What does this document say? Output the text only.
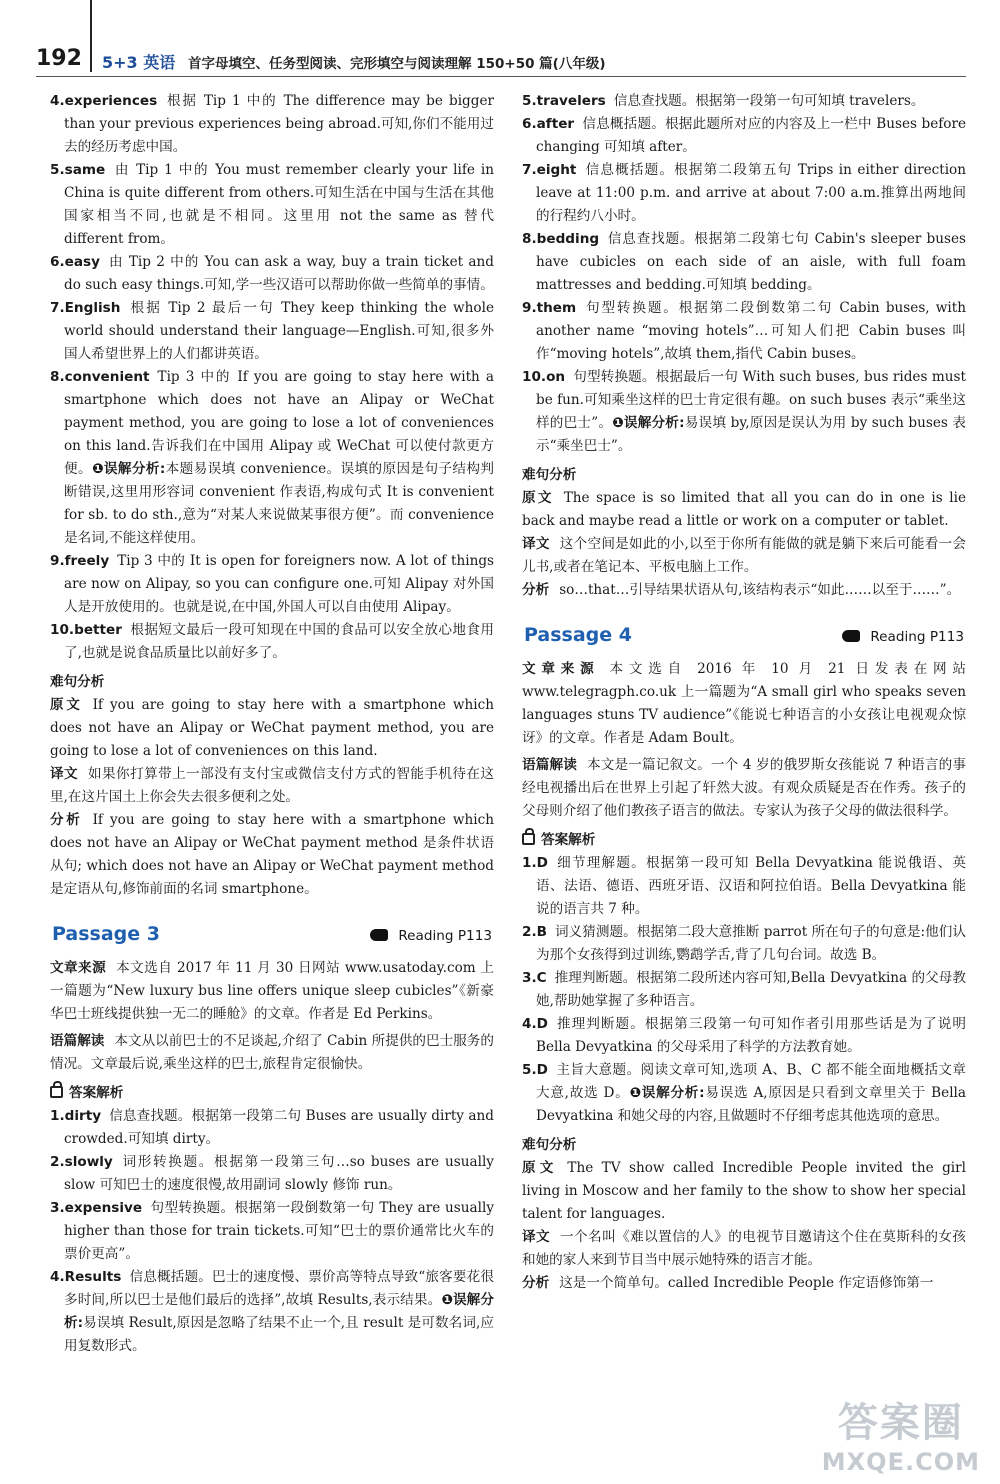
192 5+3 英语 首字母填空、任务型阅读、完形填空与阅读理解 150+50 篇(八年级)

4.experiences 根据 Tip 1 中的 The difference may be bigger than your previous experiences being abroad.可知,你们不能用过去的经历考虑中国。

5.same 由 Tip 1 中的 You must remember clearly your life in China is quite different from others.可知生活在中国与生活在其他国家相当不同,也就是不相同。这里用 not the same as 替代 different from。

6.easy 由 Tip 2 中的 You can ask a way, buy a train ticket and do such easy things.可知,学一些汉语可以帮助你做一些简单的事情。

7.English 根据 Tip 2 最后一句 They keep thinking the whole world should understand their language—English.可知,很多外国人希望世界上的人们都讲英语。

8.convenient Tip 3 中的 If you are going to stay here with a smartphone which does not have an Alipay or WeChat payment method, you are going to lose a lot of conveniences on this land.告诉我们在中国用 Alipay 或 WeChat 可以使付款更方便。❶误解分析:本题易误填 convenience。误填的原因是句子结构判断错误,这里用形容词 convenient 作表语,构成句式 It is convenient for sb. to do sth.,意为“对某人来说做某事很方便”。而 convenience 是名词,不能这样使用。

9.freely Tip 3 中的 It is open for foreigners now. A lot of things are now on Alipay, so you can configure one.可知 Alipay 对外国人是开放使用的。也就是说,在中国,外国人可以自由使用 Alipay。

10.better 根据短文最后一段可知现在中国的食品可以安全放心地食用了,也就是说食品质量比以前好多了。

难句分析

原文 If you are going to stay here with a smartphone which does not have an Alipay or WeChat payment method, you are going to lose a lot of conveniences on this land.

译文 如果你打算带上一部没有支付宝或微信支付方式的智能手机待在这里,在这片国土上你会失去很多便利之处。

分析 If you are going to stay here with a smartphone which does not have an Alipay or WeChat payment method 是条件状语从句; which does not have an Alipay or WeChat payment method 是定语从句,修饰前面的名词 smartphone。

Passage 3	Reading P113

文章来源 本文选自 2017 年 11 月 30 日网站 www.usatoday.com 上一篇题为“New luxury bus line offers unique sleep cubicles”《新豪华巴士班线提供独一无二的睡舱》的文章。作者是 Ed Perkins。

语篇解读 本文从以前巴士的不足谈起,介绍了 Cabin 所提供的巴士服务的情况。文章最后说,乘坐这样的巴士,旅程肯定很愉快。

答案解析

1.dirty 信息查找题。根据第一段第二句 Buses are usually dirty and crowded.可知填 dirty。

2.slowly 词形转换题。根据第一段第三句…so buses are usually slow 可知巴士的速度很慢,故用副词 slowly 修饰 run。

3.expensive 句型转换题。根据第一段倒数第一句 They are usually higher than those for train tickets.可知“巴士的票价通常比火车的票价更高”。

4.Results 信息概括题。巴士的速度慢、票价高等特点导致“旅客要花很多时间,所以巴士是他们最后的选择”,故填 Results,表示结果。❶误解分析:易误填 Result,原因是忽略了结果不止一个,且 result 是可数名词,应用复数形式。

5.travelers 信息查找题。根据第一段第一句可知填 travelers。

6.after 信息概括题。根据此题所对应的内容及上一栏中 Buses before changing 可知填 after。

7.eight 信息概括题。根据第二段第五句 Trips in either direction leave at 11:00 p.m. and arrive at about 7:00 a.m.推算出两地间的行程约八小时。

8.bedding 信息查找题。根据第二段第七句 Cabin's sleeper buses have cubicles on each side of an aisle, with full foam mattresses and bedding.可知填 bedding。

9.them 句型转换题。根据第二段倒数第二句 Cabin buses, with another name “moving hotels”…可知人们把 Cabin buses 叫作“moving hotels”,故填 them,指代 Cabin buses。

10.on 句型转换题。根据最后一句 With such buses, bus rides must be fun.可知乘坐这样的巴士肯定很有趣。on such buses 表示“乘坐这样的巴士”。❶误解分析:易误填 by,原因是误认为用 by such buses 表示“乘坐巴士”。

难句分析

原文 The space is so limited that all you can do in one is lie back and maybe read a little or work on a computer or tablet.

译文 这个空间是如此的小,以至于你所有能做的就是躺下来后可能看一会儿书,或者在笔记本、平板电脑上工作。

分析 so…that…引导结果状语从句,该结构表示“如此……以至于……”。

Passage 4	Reading P113

文章来源 本文选自 2016 年 10 月 21 日发表在网站 www.telegragph.co.uk 上一篇题为“A small girl who speaks seven languages stuns TV audience”《能说七种语言的小女孩让电视观众惊讶》的文章。作者是 Adam Boult。

语篇解读 本文是一篇记叙文。一个 4 岁的俄罗斯女孩能说 7 种语言的事经电视播出后在世界上引起了轩然大波。有观众质疑是否在作秀。孩子的父母则介绍了他们教孩子语言的做法。专家认为孩子父母的做法很科学。

答案解析

1.D 细节理解题。根据第一段可知 Bella Devyatkina 能说俄语、英语、法语、德语、西班牙语、汉语和阿拉伯语。Bella Devyatkina 能说的语言共 7 种。

2.B 词义猜测题。根据第二段大意推断 parrot 所在句子的句意是:他们认为那个女孩得到过训练,鹦鹉学舌,背了几句台词。故选 B。

3.C 推理判断题。根据第二段所述内容可知,Bella Devyatkina 的父母教她,帮助她掌握了多种语言。

4.D 推理判断题。根据第三段第一句可知作者引用那些话是为了说明 Bella Devyatkina 的父母采用了科学的方法教育她。

5.D 主旨大意题。阅读文章可知,选项 A、B、C 都不能全面地概括文章大意,故选 D。❶误解分析:易误选 A,原因是只看到文章里关于 Bella Devyatkina 和她父母的内容,且做题时不仔细考虑其他选项的意思。

难句分析

原文 The TV show called Incredible People invited the girl living in Moscow and her family to the show to show her special talent for languages.

译文 一个名叫《难以置信的人》的电视节目邀请这个住在莫斯科的女孩和她的家人来到节目当中展示她特殊的语言才能。

分析 这是一个简单句。called Incredible People 作定语修饰第一

答案圈
MXQE.COM
